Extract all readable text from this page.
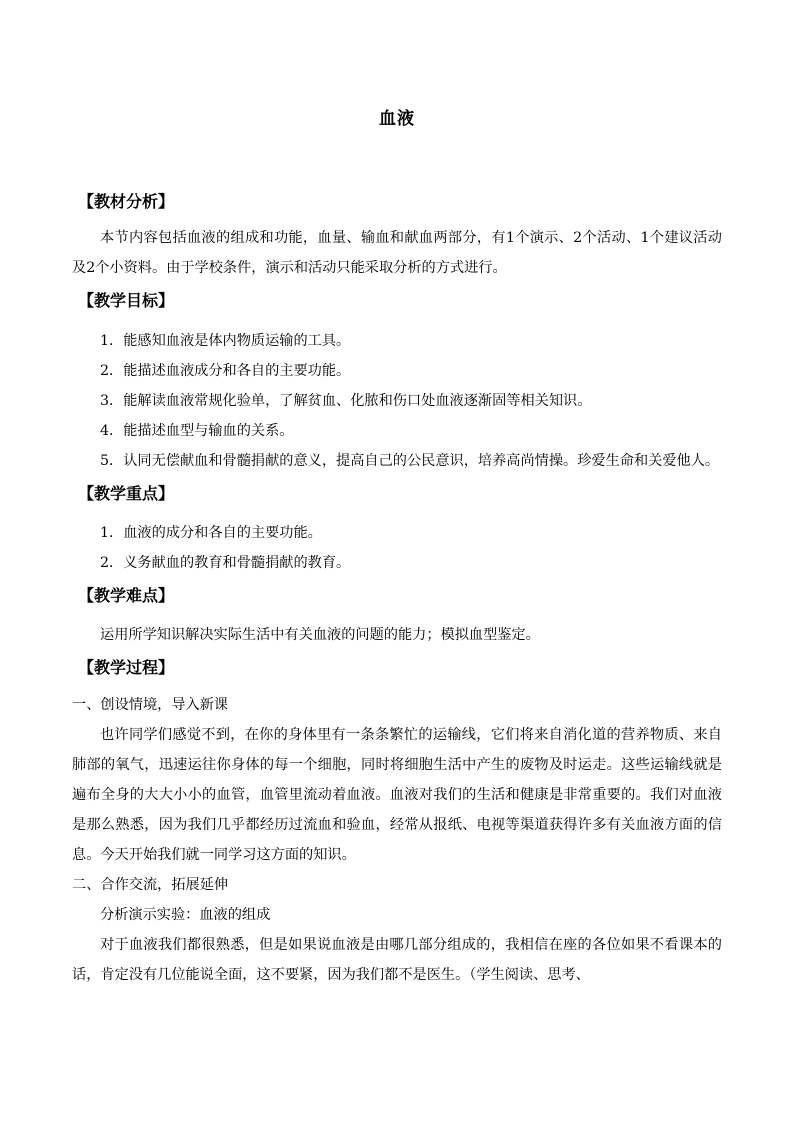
血液
【教材分析】

本节内容包括血液的组成和功能，血量、输血和献血两部分，有1个演示、2个活动、1个建议活动及2个小资料。由于学校条件，演示和活动只能采取分析的方式进行。

【教学目标】
1．能感知血液是体内物质运输的工具。
2．能描述血液成分和各自的主要功能。
3．能解读血液常规化验单，了解贫血、化脓和伤口处血液逐渐固等相关知识。
4．能描述血型与输血的关系。

5．认同无偿献血和骨髓捐献的意义，提高自己的公民意识，培养高尚情操。珍爱生命和关爱他人。

【教学重点】
1．血液的成分和各自的主要功能。
2．义务献血的教育和骨髓捐献的教育。
【教学难点】
运用所学知识解决实际生活中有关血液的问题的能力；模拟血型鉴定。
【教学过程】
一、创设情境，导入新课

也许同学们感觉不到，在你的身体里有一条条繁忙的运输线，它们将来自消化道的营养物质、来自肺部的氧气，迅速运往你身体的每一个细胞，同时将细胞生活中产生的废物及时运走。这些运输线就是遍布全身的大大小小的血管，血管里流动着血液。血液对我们的生活和健康是非常重要的。我们对血液是那么熟悉，因为我们几乎都经历过流血和验血，经常从报纸、电视等渠道获得许多有关血液方面的信息。今天开始我们就一同学习这方面的知识。

二、合作交流，拓展延伸
分析演示实验：血液的组成

对于血液我们都很熟悉，但是如果说血液是由哪几部分组成的，我相信在座的各位如果不看课本的话，肯定没有几位能说全面，这不要紧，因为我们都不是医生。（学生阅读、思考、
